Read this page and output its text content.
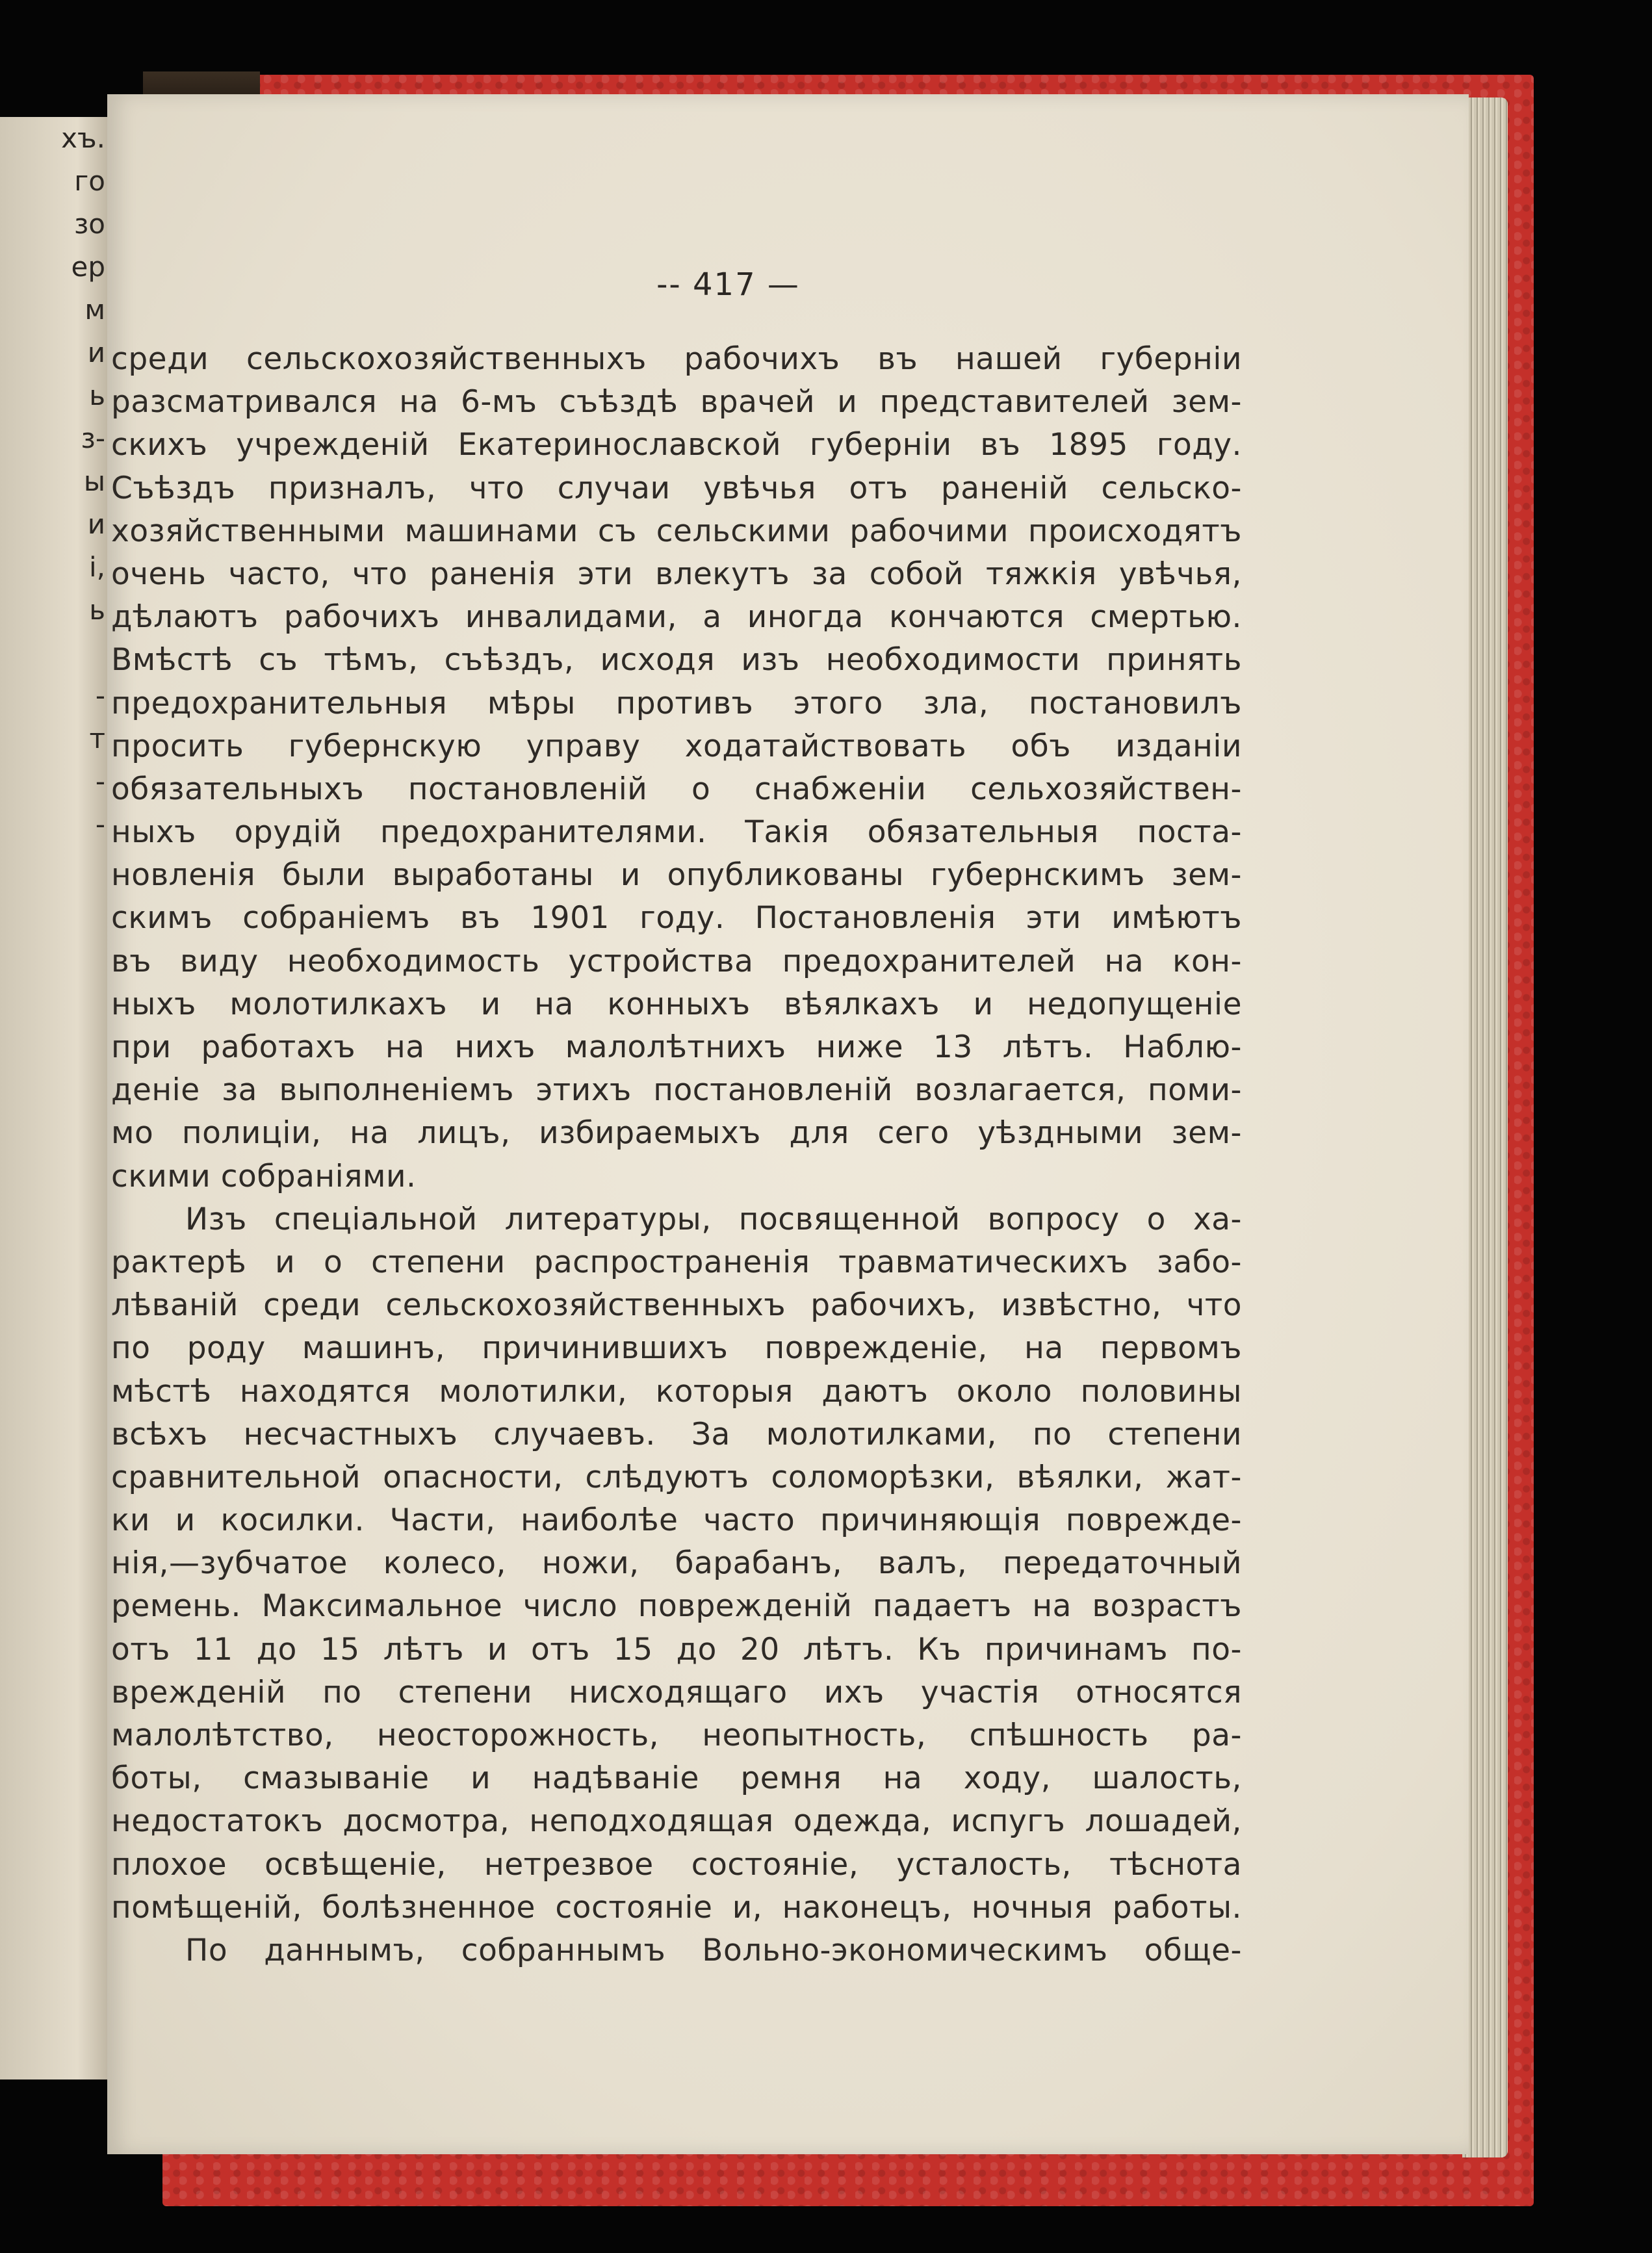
хъ.
го
зо
ер
м
и
ь
з-
ы
и
і,
ь
-
т
-
-
-- 417 —
среди сельскохозяйственныхъ рабочихъ въ нашей губерніи
разсматривался на 6-мъ съѣздѣ врачей и представителей зем-
скихъ учрежденій Екатеринославской губерніи въ 1895 году.
Съѣздъ призналъ, что случаи увѣчья отъ раненій сельско-
хозяйственными машинами съ сельскими рабочими происходятъ
очень часто, что раненія эти влекутъ за собой тяжкія увѣчья,
дѣлаютъ рабочихъ инвалидами, а иногда кончаются смертью.
Вмѣстѣ съ тѣмъ, съѣздъ, исходя изъ необходимости принять
предохранительныя мѣры противъ этого зла, постановилъ
просить губернскую управу ходатайствовать объ изданіи
обязательныхъ постановленій о снабженіи сельхозяйствен-
ныхъ орудій предохранителями. Такія обязательныя поста-
новленія были выработаны и опубликованы губернскимъ зем-
скимъ собраніемъ въ 1901 году. Постановленія эти имѣютъ
въ виду необходимость устройства предохранителей на кон-
ныхъ молотилкахъ и на конныхъ вѣялкахъ и недопущеніе
при работахъ на нихъ малолѣтнихъ ниже 13 лѣтъ. Наблю-
деніе за выполненіемъ этихъ постановленій возлагается, поми-
мо полиціи, на лицъ, избираемыхъ для сего уѣздными зем-
скими собраніями.
Изъ спеціальной литературы, посвященной вопросу о ха-
рактерѣ и о степени распространенія травматическихъ забо-
лѣваній среди сельскохозяйственныхъ рабочихъ, извѣстно, что
по роду машинъ, причинившихъ поврежденіе, на первомъ
мѣстѣ находятся молотилки, которыя даютъ около половины
всѣхъ несчастныхъ случаевъ. За молотилками, по степени
сравнительной опасности, слѣдуютъ соломорѣзки, вѣялки, жат-
ки и косилки. Части, наиболѣе часто причиняющія поврежде-
нія,—зубчатое колесо, ножи, барабанъ, валъ, передаточный
ремень. Максимальное число поврежденій падаетъ на возрастъ
отъ 11 до 15 лѣтъ и отъ 15 до 20 лѣтъ. Къ причинамъ по-
врежденій по степени нисходящаго ихъ участія относятся
малолѣтство, неосторожность, неопытность, спѣшность ра-
боты, смазываніе и надѣваніе ремня на ходу, шалость,
недостатокъ досмотра, неподходящая одежда, испугъ лошадей,
плохое освѣщеніе, нетрезвое состояніе, усталость, тѣснота
помѣщеній, болѣзненное состояніе и, наконецъ, ночныя работы.
По даннымъ, собраннымъ Вольно-экономическимъ обще-
